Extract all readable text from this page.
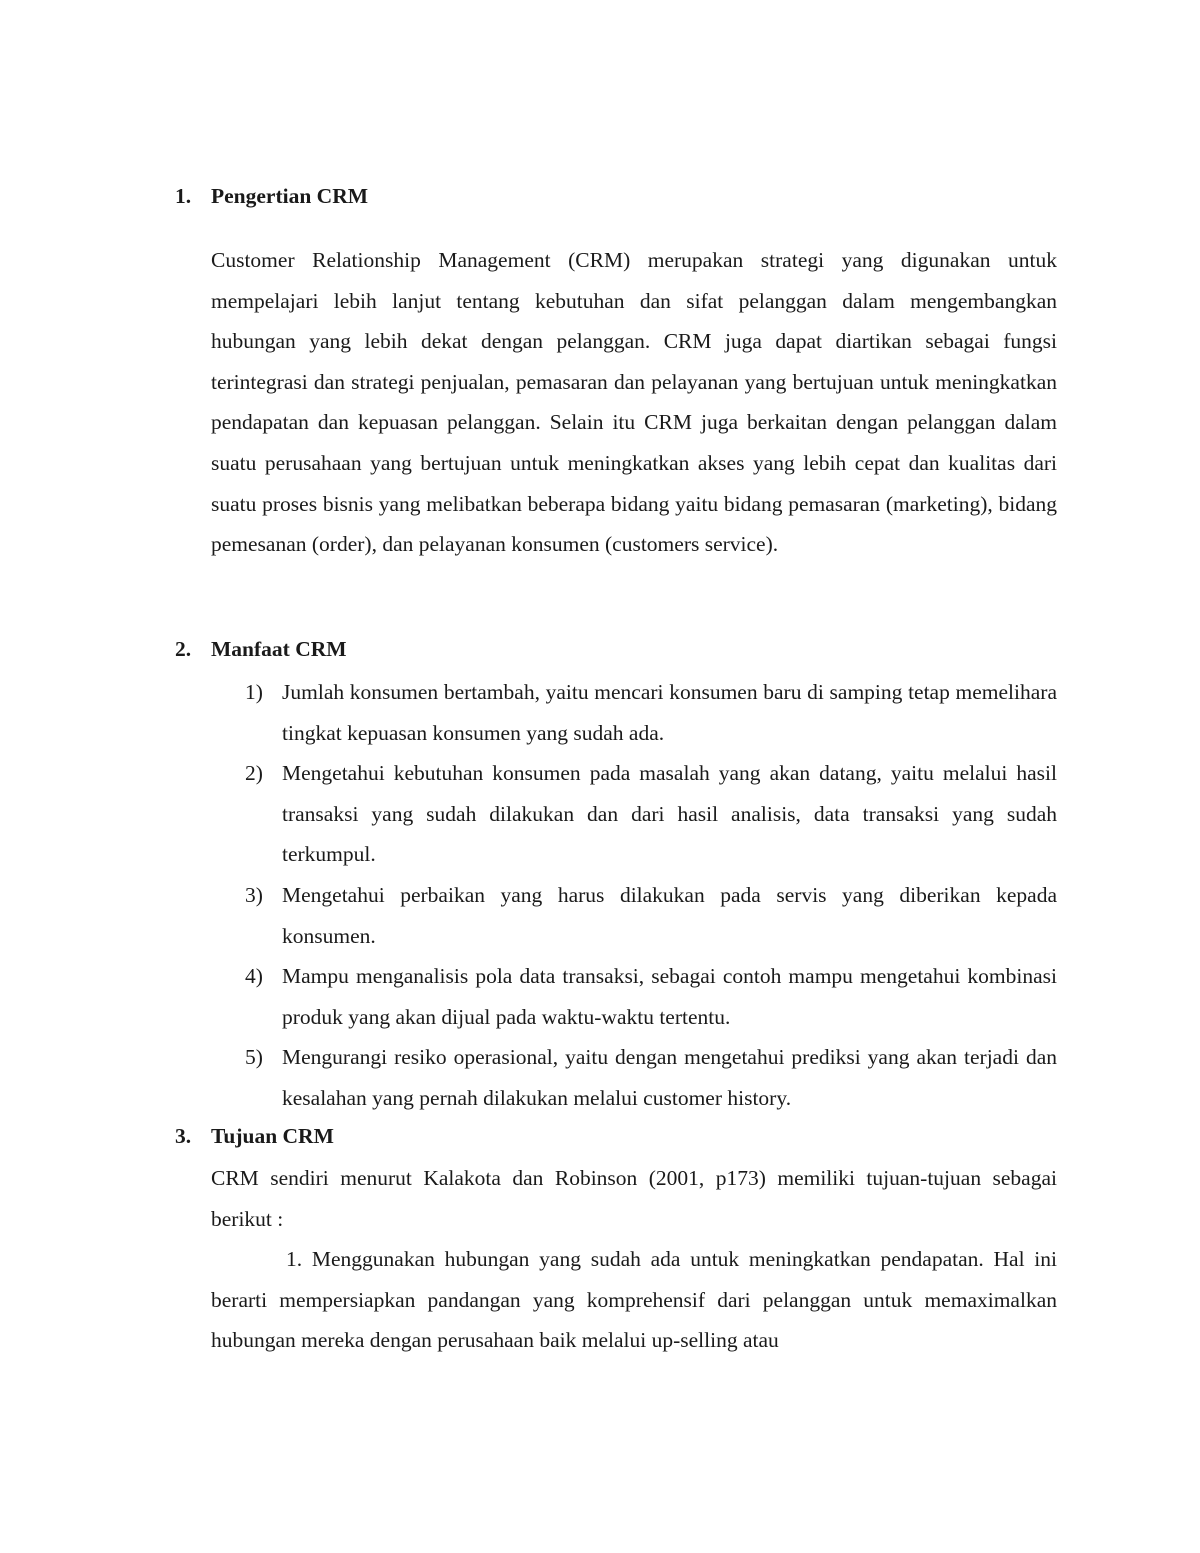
1. Pengertian CRM

Customer Relationship Management (CRM) merupakan strategi yang digunakan untuk mempelajari lebih lanjut tentang kebutuhan dan sifat pelanggan dalam mengembangkan hubungan yang lebih dekat dengan pelanggan. CRM juga dapat diartikan sebagai fungsi terintegrasi dan strategi penjualan, pemasaran dan pelayanan yang bertujuan untuk meningkatkan pendapatan dan kepuasan pelanggan. Selain itu CRM juga berkaitan dengan pelanggan dalam suatu perusahaan yang bertujuan untuk meningkatkan akses yang lebih cepat dan kualitas dari suatu proses bisnis yang melibatkan beberapa bidang yaitu bidang pemasaran (marketing), bidang pemesanan (order), dan pelayanan konsumen (customers service).

2. Manfaat CRM
1) Jumlah konsumen bertambah, yaitu mencari konsumen baru di samping tetap memelihara tingkat kepuasan konsumen yang sudah ada.
2) Mengetahui kebutuhan konsumen pada masalah yang akan datang, yaitu melalui hasil transaksi yang sudah dilakukan dan dari hasil analisis, data transaksi yang sudah terkumpul.
3) Mengetahui perbaikan yang harus dilakukan pada servis yang diberikan kepada konsumen.
4) Mampu menganalisis pola data transaksi, sebagai contoh mampu mengetahui kombinasi produk yang akan dijual pada waktu-waktu tertentu.
5) Mengurangi resiko operasional, yaitu dengan mengetahui prediksi yang akan terjadi dan kesalahan yang pernah dilakukan melalui customer history.
3. Tujuan CRM

CRM sendiri menurut Kalakota dan Robinson (2001, p173) memiliki tujuan-tujuan sebagai berikut :

1. Menggunakan hubungan yang sudah ada untuk meningkatkan pendapatan. Hal ini berarti mempersiapkan pandangan yang komprehensif dari pelanggan untuk memaximalkan hubungan mereka dengan perusahaan baik melalui up-selling atau
